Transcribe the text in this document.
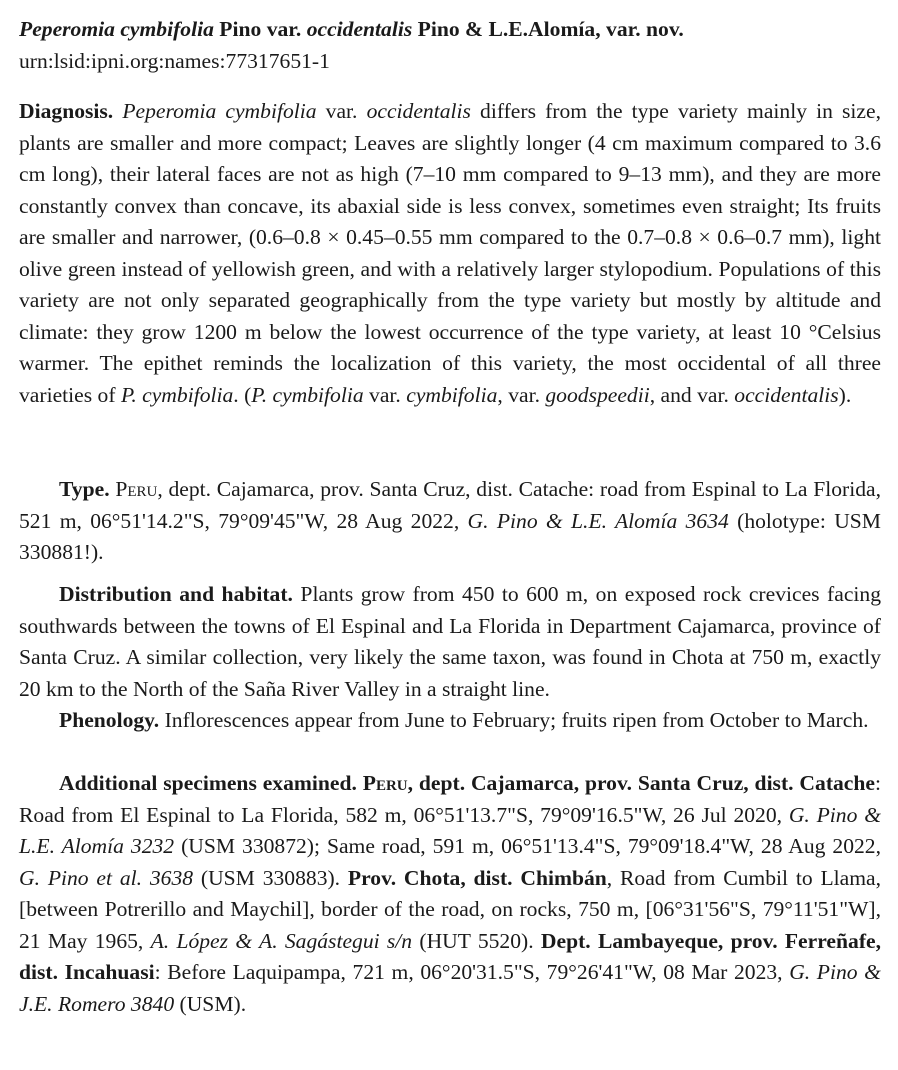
Peperomia cymbifolia Pino var. occidentalis Pino & L.E.Alomía, var. nov.
urn:lsid:ipni.org:names:77317651-1

Diagnosis. Peperomia cymbifolia var. occidentalis differs from the type variety mainly in size, plants are smaller and more compact; Leaves are slightly longer (4 cm maximum compared to 3.6 cm long), their lateral faces are not as high (7–10 mm compared to 9–13 mm), and they are more constantly convex than concave, its abaxial side is less convex, sometimes even straight; Its fruits are smaller and narrower, (0.6–0.8 × 0.45–0.55 mm compared to the 0.7–0.8 × 0.6–0.7 mm), light olive green instead of yellowish green, and with a relatively larger stylopodium. Populations of this variety are not only separated geographically from the type variety but mostly by altitude and climate: they grow 1200 m below the lowest occurrence of the type variety, at least 10 °Celsius warmer. The epithet reminds the localization of this variety, the most occidental of all three varieties of P. cymbifolia. (P. cymbifolia var. cymbifolia, var. goodspeedii, and var. occidentalis).

Type. Peru, dept. Cajamarca, prov. Santa Cruz, dist. Catache: road from Espinal to La Florida, 521 m, 06°51'14.2"S, 79°09'45"W, 28 Aug 2022, G. Pino & L.E. Alomía 3634 (holotype: USM 330881!).

Distribution and habitat. Plants grow from 450 to 600 m, on exposed rock crevices facing southwards between the towns of El Espinal and La Florida in Department Cajamarca, province of Santa Cruz. A similar collection, very likely the same taxon, was found in Chota at 750 m, exactly 20 km to the North of the Saña River Valley in a straight line.

Phenology. Inflorescences appear from June to February; fruits ripen from October to March.

Additional specimens examined. Peru, dept. Cajamarca, prov. Santa Cruz, dist. Catache: Road from El Espinal to La Florida, 582 m, 06°51'13.7"S, 79°09'16.5"W, 26 Jul 2020, G. Pino & L.E. Alomía 3232 (USM 330872); Same road, 591 m, 06°51'13.4"S, 79°09'18.4"W, 28 Aug 2022, G. Pino et al. 3638 (USM 330883). Prov. Chota, dist. Chimbán, Road from Cumbil to Llama, [between Potrerillo and Maychil], border of the road, on rocks, 750 m, [06°31'56"S, 79°11'51"W], 21 May 1965, A. López & A. Sagástegui s/n (HUT 5520). Dept. Lambayeque, prov. Ferreñafe, dist. Incahuasi: Before Laquipampa, 721 m, 06°20'31.5"S, 79°26'41"W, 08 Mar 2023, G. Pino & J.E. Romero 3840 (USM).
